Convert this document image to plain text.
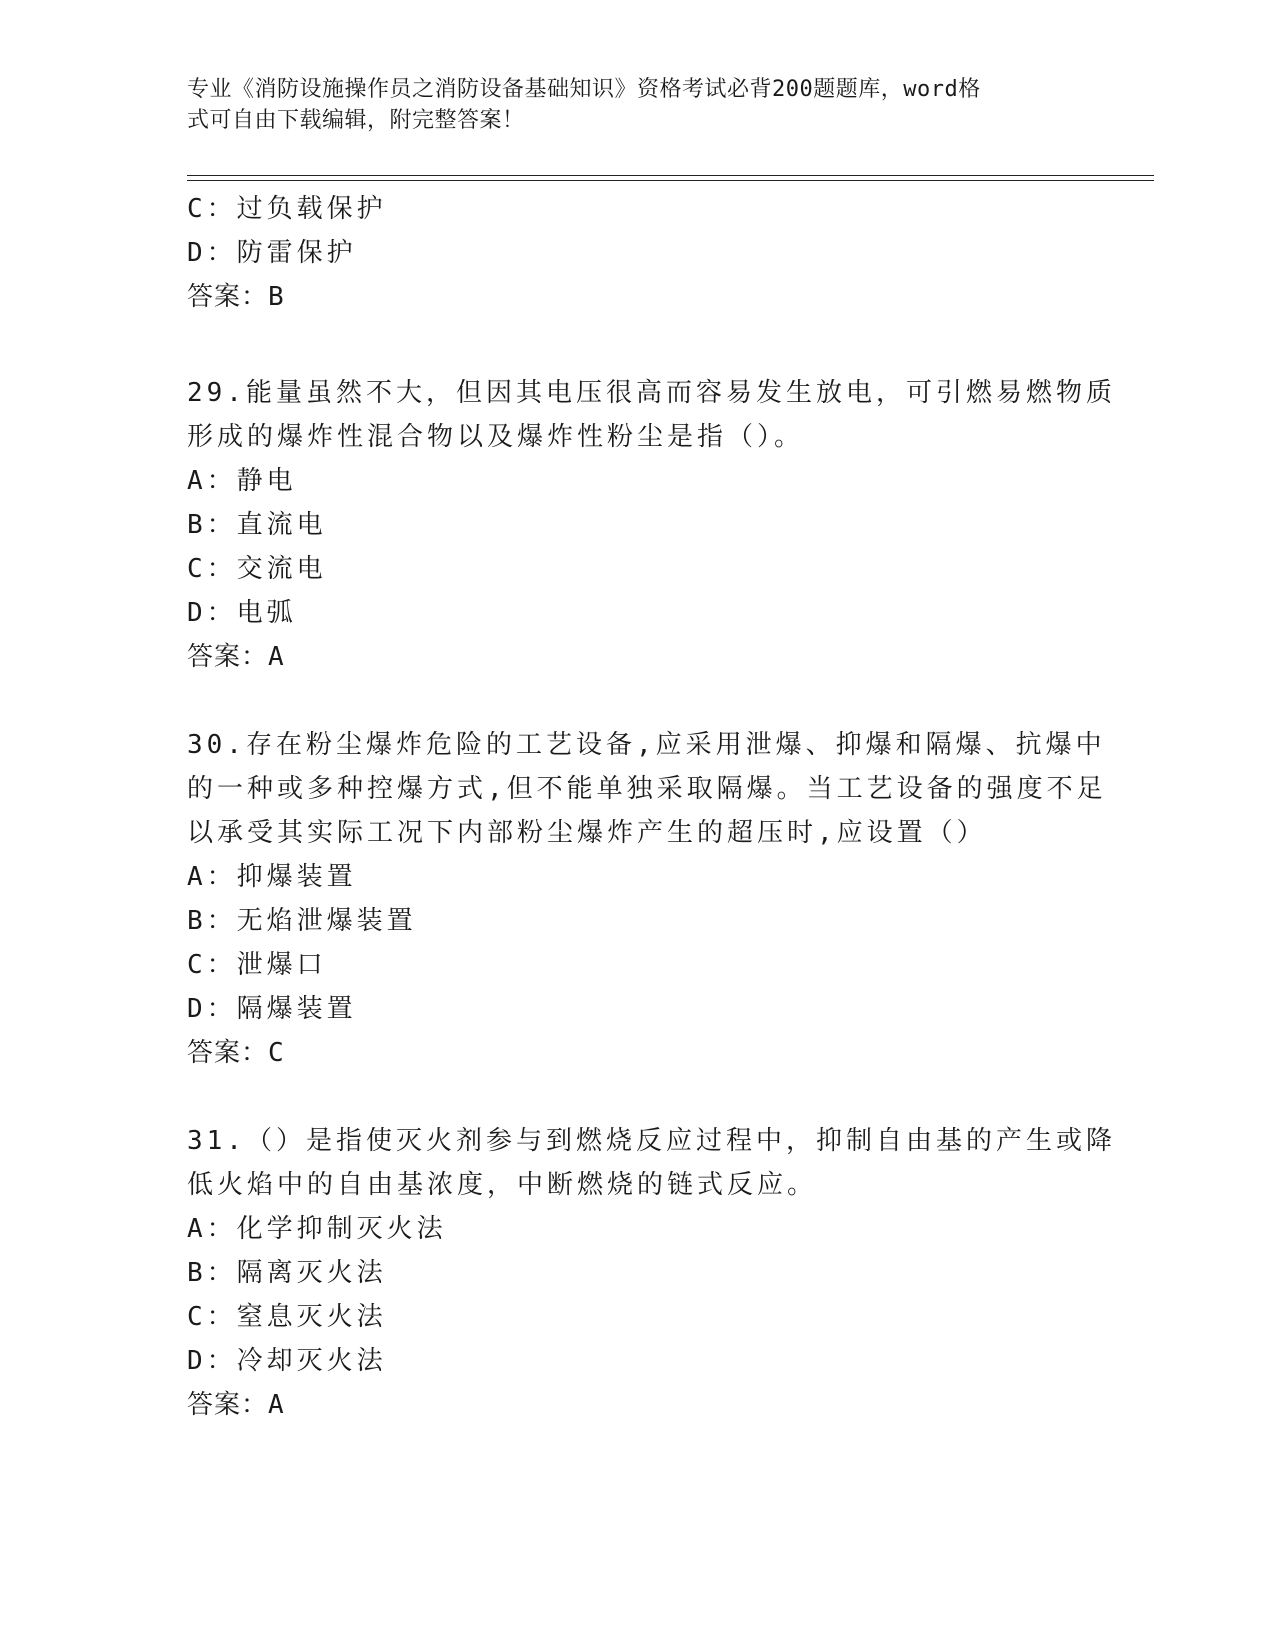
专业《消防设施操作员之消防设备基础知识》资格考试必背200题题库，word格
式可自由下载编辑，附完整答案！
C：过负载保护
D：防雷保护
答案：B
29.能量虽然不大，但因其电压很高而容易发生放电，可引燃易燃物质
形成的爆炸性混合物以及爆炸性粉尘是指（）。
A：静电
B：直流电
C：交流电
D：电弧
答案：A
30.存在粉尘爆炸危险的工艺设备,应采用泄爆、抑爆和隔爆、抗爆中
的一种或多种控爆方式,但不能单独采取隔爆。当工艺设备的强度不足
以承受其实际工况下内部粉尘爆炸产生的超压时,应设置（）
A：抑爆装置
B：无焰泄爆装置
C：泄爆口
D：隔爆装置
答案：C
31.（）是指使灭火剂参与到燃烧反应过程中，抑制自由基的产生或降
低火焰中的自由基浓度，中断燃烧的链式反应。
A：化学抑制灭火法
B：隔离灭火法
C：窒息灭火法
D：冷却灭火法
答案：A
